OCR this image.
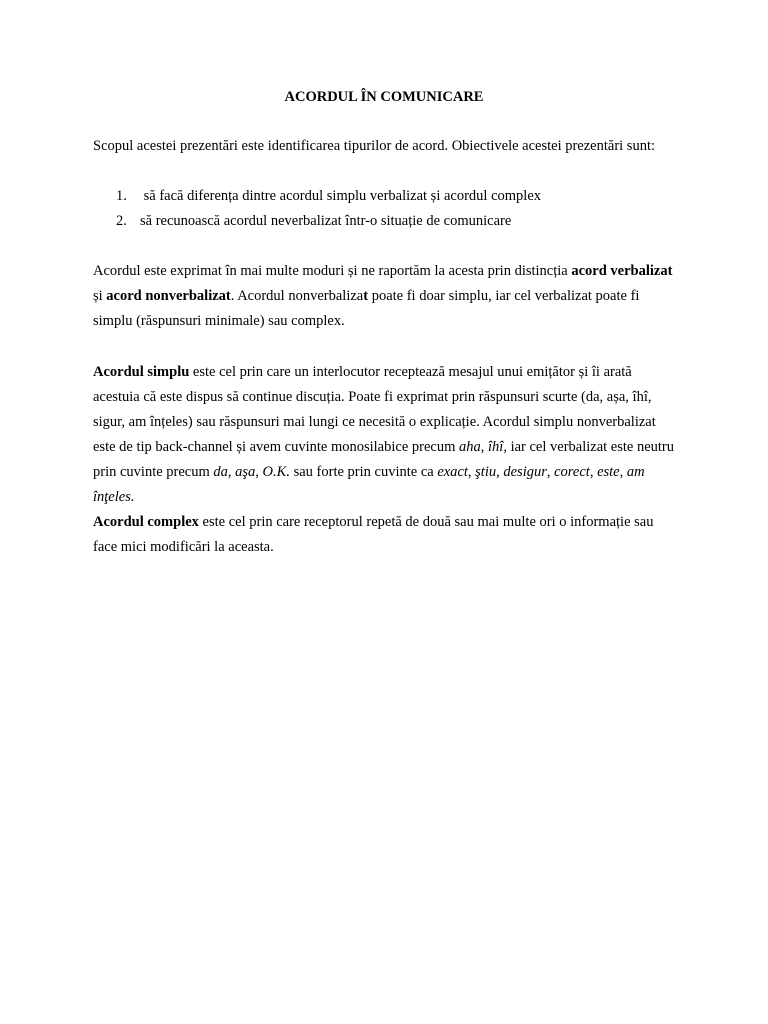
ACORDUL ÎN COMUNICARE

Scopul acestei prezentări este identificarea tipurilor de acord. Obiectivele acestei prezentări sunt:

1. să facă diferența dintre acordul simplu verbalizat și acordul complex
2. să recunoască acordul neverbalizat într-o situație de comunicare

Acordul este exprimat în mai multe moduri și ne raportăm la acesta prin distincția acord verbalizat și acord nonverbalizat. Acordul nonverbalizat poate fi doar simplu, iar cel verbalizat poate fi simplu (răspunsuri minimale) sau complex.

Acordul simplu este cel prin care un interlocutor receptează mesajul unui emițător și îi arată acestuia că este dispus să continue discuția. Poate fi exprimat prin răspunsuri scurte (da, așa, îhî, sigur, am înțeles) sau răspunsuri mai lungi ce necesită o explicație. Acordul simplu nonverbalizat este de tip back-channel și avem cuvinte monosilabice precum aha, îhî, iar cel verbalizat este neutru prin cuvinte precum da, aşa, O.K. sau forte prin cuvinte ca exact, ştiu, desigur, corect, este, am înţeles.

Acordul complex este cel prin care receptorul repetă de două sau mai multe ori o informație sau face mici modificări la aceasta.
